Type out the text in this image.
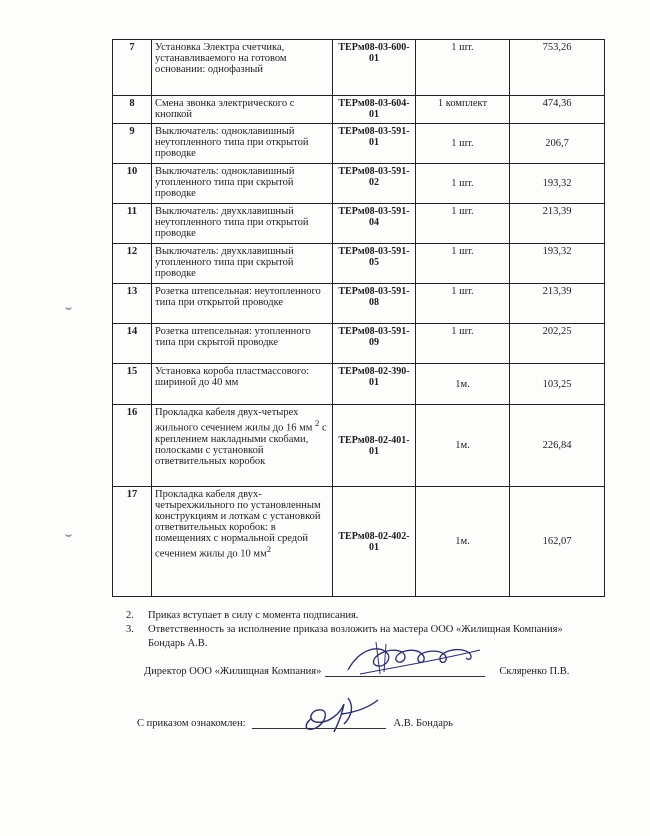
7	Установка Электра счетчика, устанавливаемого на готовом основании: однофазный	ТЕРм08-03-600-01	1 шт.	753,26
8	Смена звонка электрического с кнопкой	ТЕРм08-03-604-01	1 комплект	474,36
9	Выключатель: одноклавишный неутопленного типа при открытой проводке	ТЕРм08-03-591-01	1 шт.	206,7
10	Выключатель: одноклавишный утопленного типа при скрытой проводке	ТЕРм08-03-591-02	1 шт.	193,32
11	Выключатель: двухклавишный неутопленного типа при открытой проводке	ТЕРм08-03-591-04	1 шт.	213,39
12	Выключатель: двухклавишный утопленного типа при скрытой проводке	ТЕРм08-03-591-05	1 шт.	193,32
13	Розетка штепсельная: неутопленного типа при открытой проводке	ТЕРм08-03-591-08	1 шт.	213,39
14	Розетка штепсельная: утопленного типа при скрытой проводке	ТЕРм08-03-591-09	1 шт.	202,25
15	Установка короба пластмассового: шириной до 40 мм	ТЕРм08-02-390-01	1м.	103,25
16	Прокладка кабеля двух-четырех жильного сечением жилы до 16 мм $^2$ с креплением накладными скобами, полосками с установкой ответвительных коробок	ТЕРм08-02-401-01	1м.	226,84
17	Прокладка кабеля двух-четырехжильного по установленным конструкциям и лоткам с установкой ответвительных коробок: в помещениях с нормальной средой сечением жилы до 10 $мм^2$	ТЕРм08-02-402-01	1м.	162,07
2.	Приказ вступает в силу с момента подписания.
3.	Ответственность за исполнение приказа возложить на мастера ООО «Жилищная Компания» Бондарь А.В.
Директор ООО «Жилищная Компания»	Скляренко П.В.
С приказом ознакомлен:	А.В. Бондарь
